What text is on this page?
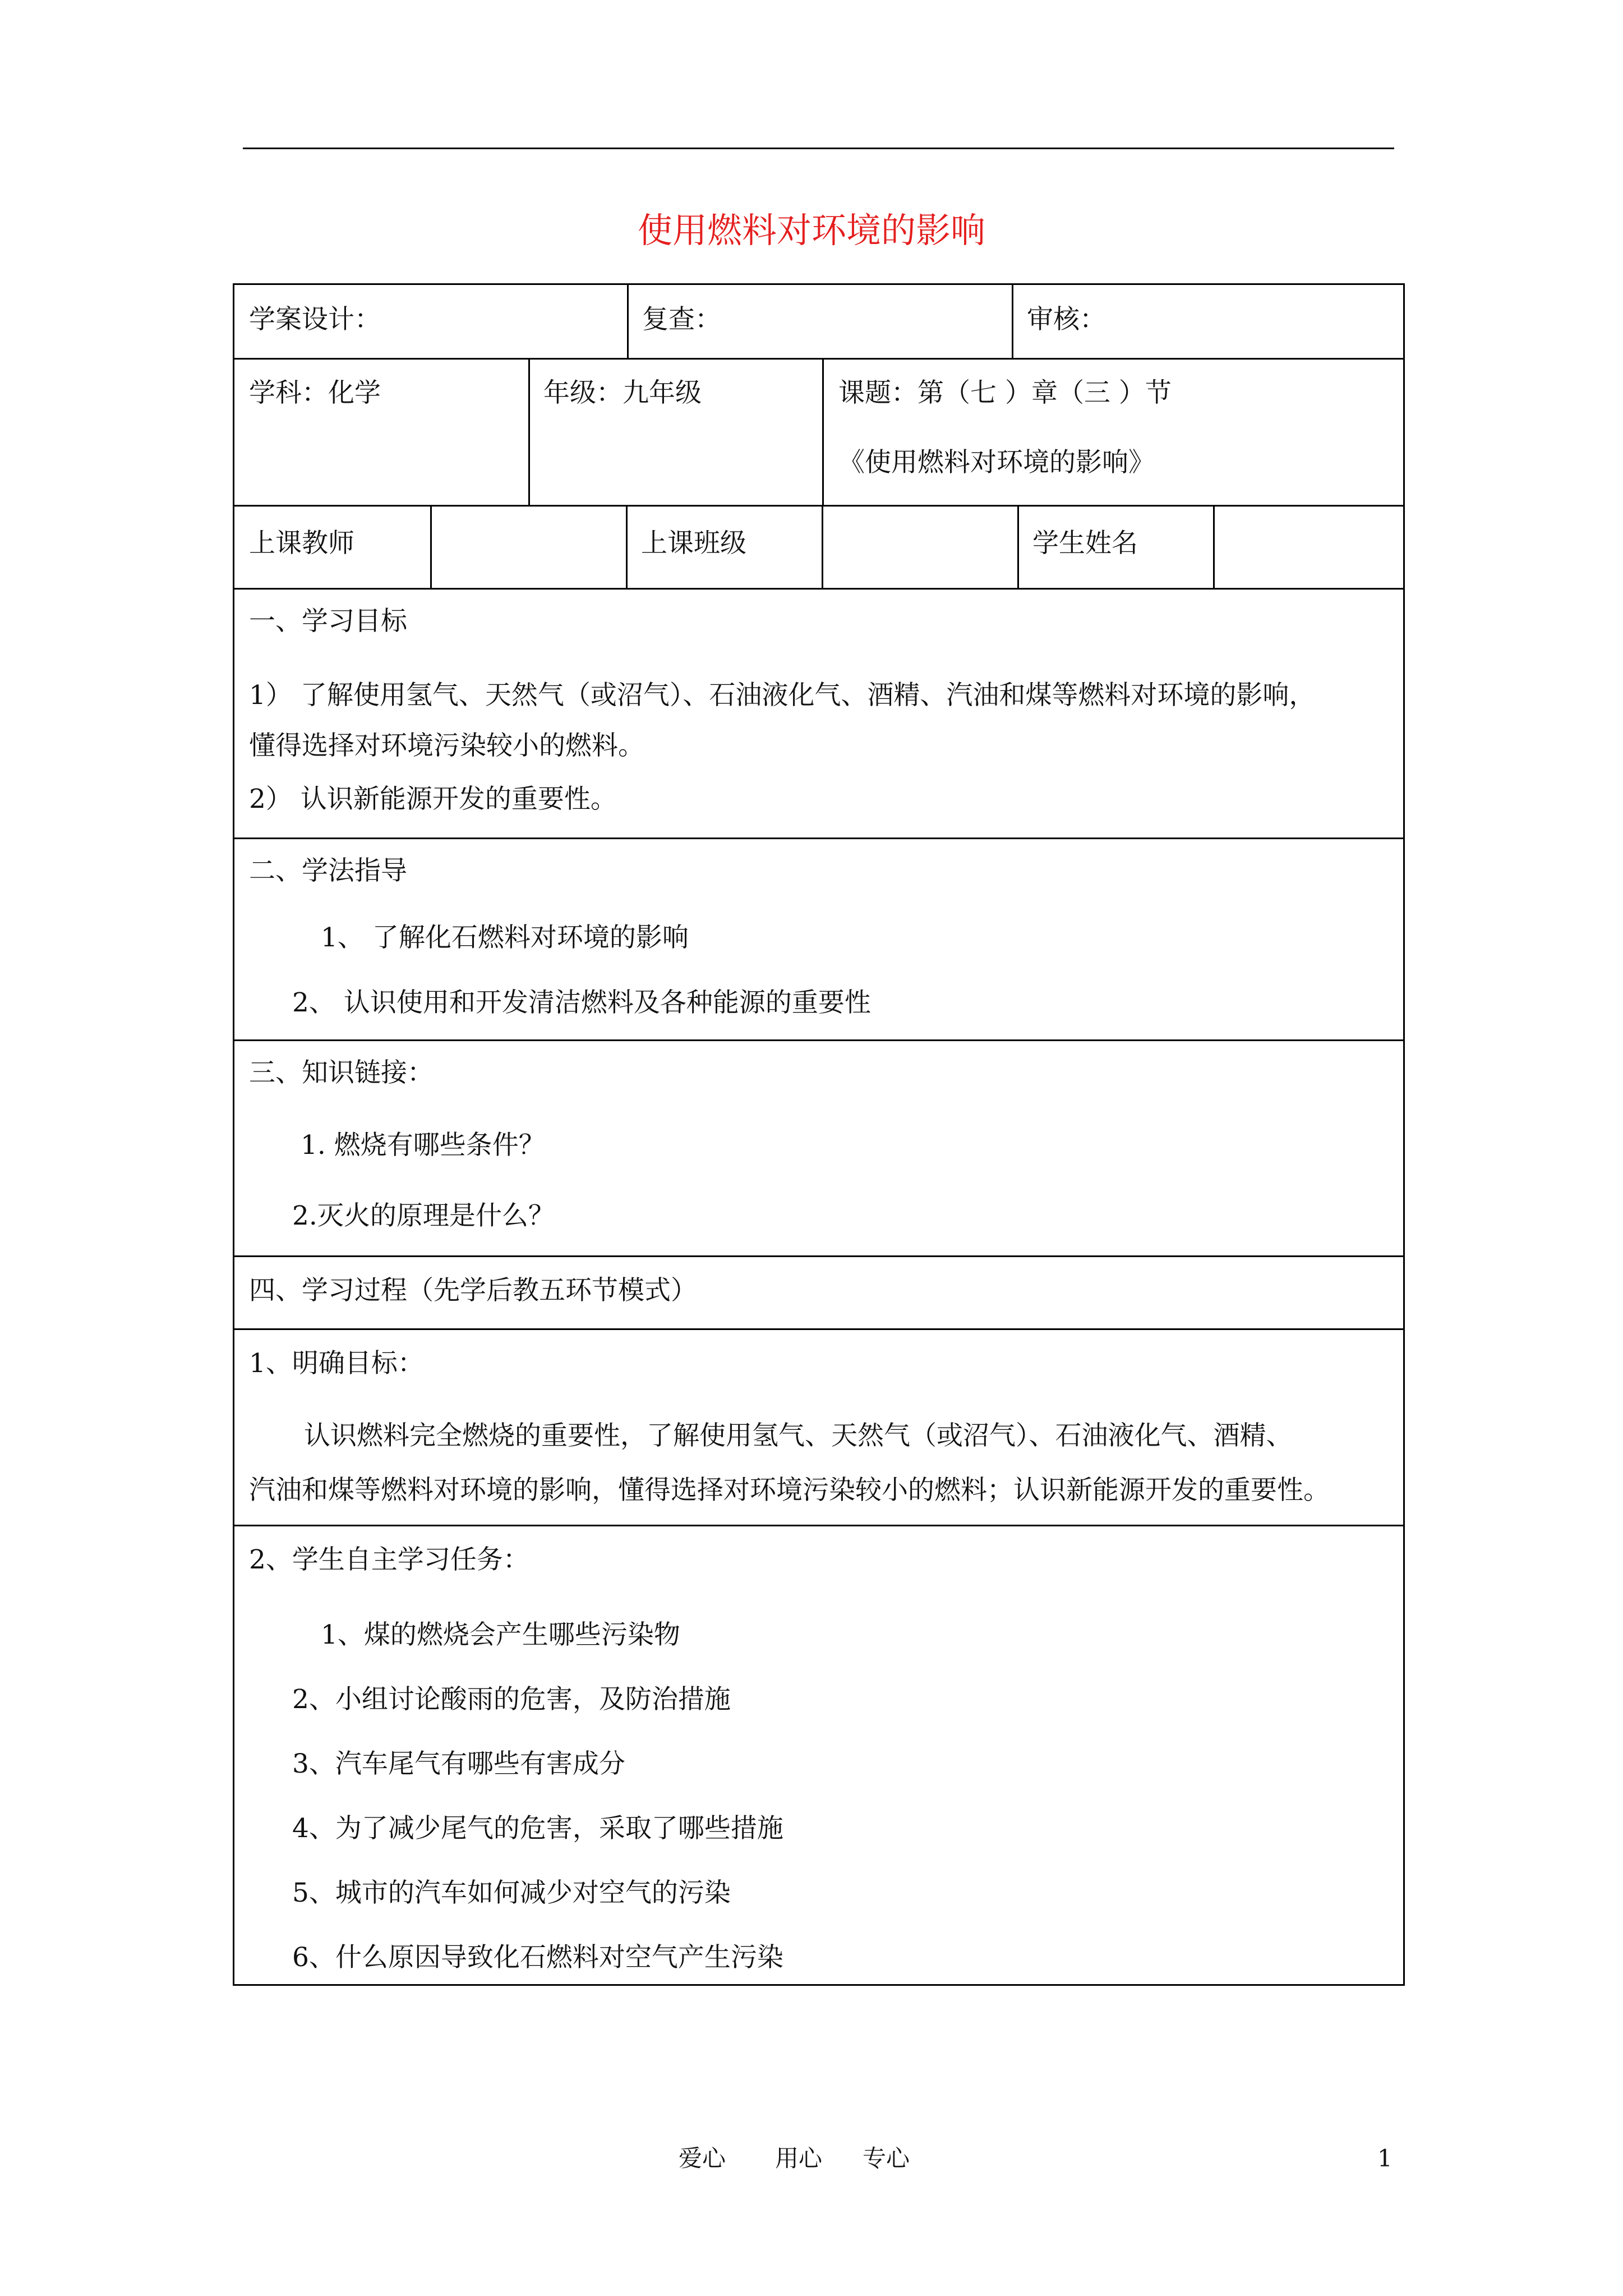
使用燃料对环境的影响
学案设计：	复查：	审核：
学科：化学	年级：九年级	课题：第（七 ）章（三 ）节
《使用燃料对环境的影响》
上课教师	上课班级	学生姓名
一、学习目标
1） 了解使用氢气、天然气（或沼气）、石油液化气、酒精、汽油和煤等燃料对环境的影响，
懂得选择对环境污染较小的燃料。
2） 认识新能源开发的重要性。
二、学法指导
1、 了解化石燃料对环境的影响
2、 认识使用和开发清洁燃料及各种能源的重要性
三、知识链接：
1. 燃烧有哪些条件？
2.灭火的原理是什么？
四、学习过程（先学后教五环节模式）
1、明确目标：
认识燃料完全燃烧的重要性，了解使用氢气、天然气（或沼气）、石油液化气、酒精、
汽油和煤等燃料对环境的影响，懂得选择对环境污染较小的燃料；认识新能源开发的重要性。
2、学生自主学习任务：
1、煤的燃烧会产生哪些污染物
2、小组讨论酸雨的危害，及防治措施
3、汽车尾气有哪些有害成分
4、为了减少尾气的危害，采取了哪些措施
5、城市的汽车如何减少对空气的污染
6、什么原因导致化石燃料对空气产生污染
爱心 用心 专心	1
